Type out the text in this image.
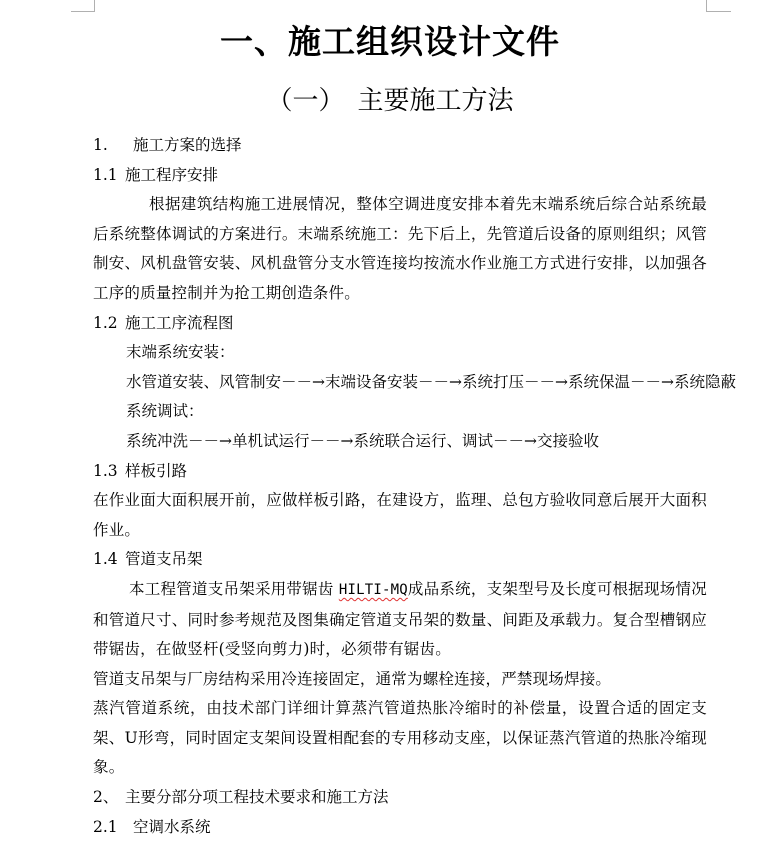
一、施工组织设计文件
（一）　主要施工方法
1. 施工方案的选择
1.1 施工程序安排
根据建筑结构施工进展情况，整体空调进度安排本着先末端系统后综合站系统最后系统整体调试的方案进行。末端系统施工：先下后上，先管道后设备的原则组织；风管制安、风机盘管安装、风机盘管分支水管连接均按流水作业施工方式进行安排，以加强各工序的质量控制并为抢工期创造条件。
1.2 施工工序流程图
末端系统安装：
水管道安装、风管制安－－→末端设备安装－－→系统打压－－→系统保温－－→系统隐蔽
系统调试：
系统冲洗－－→单机试运行－－→系统联合运行、调试－－→交接验收
1.3 样板引路
在作业面大面积展开前，应做样板引路，在建设方，监理、总包方验收同意后展开大面积作业。
1.4 管道支吊架
本工程管道支吊架采用带锯齿 HILTI-MQ成品系统，支架型号及长度可根据现场情况和管道尺寸、同时参考规范及图集确定管道支吊架的数量、间距及承载力。复合型槽钢应带锯齿，在做竖杆(受竖向剪力)时，必须带有锯齿。
管道支吊架与厂房结构采用冷连接固定，通常为螺栓连接，严禁现场焊接。
蒸汽管道系统，由技术部门详细计算蒸汽管道热胀冷缩时的补偿量，设置合适的固定支架、U形弯，同时固定支架间设置相配套的专用移动支座，以保证蒸汽管道的热胀冷缩现象。
2、 主要分部分项工程技术要求和施工方法
2.1 空调水系统
